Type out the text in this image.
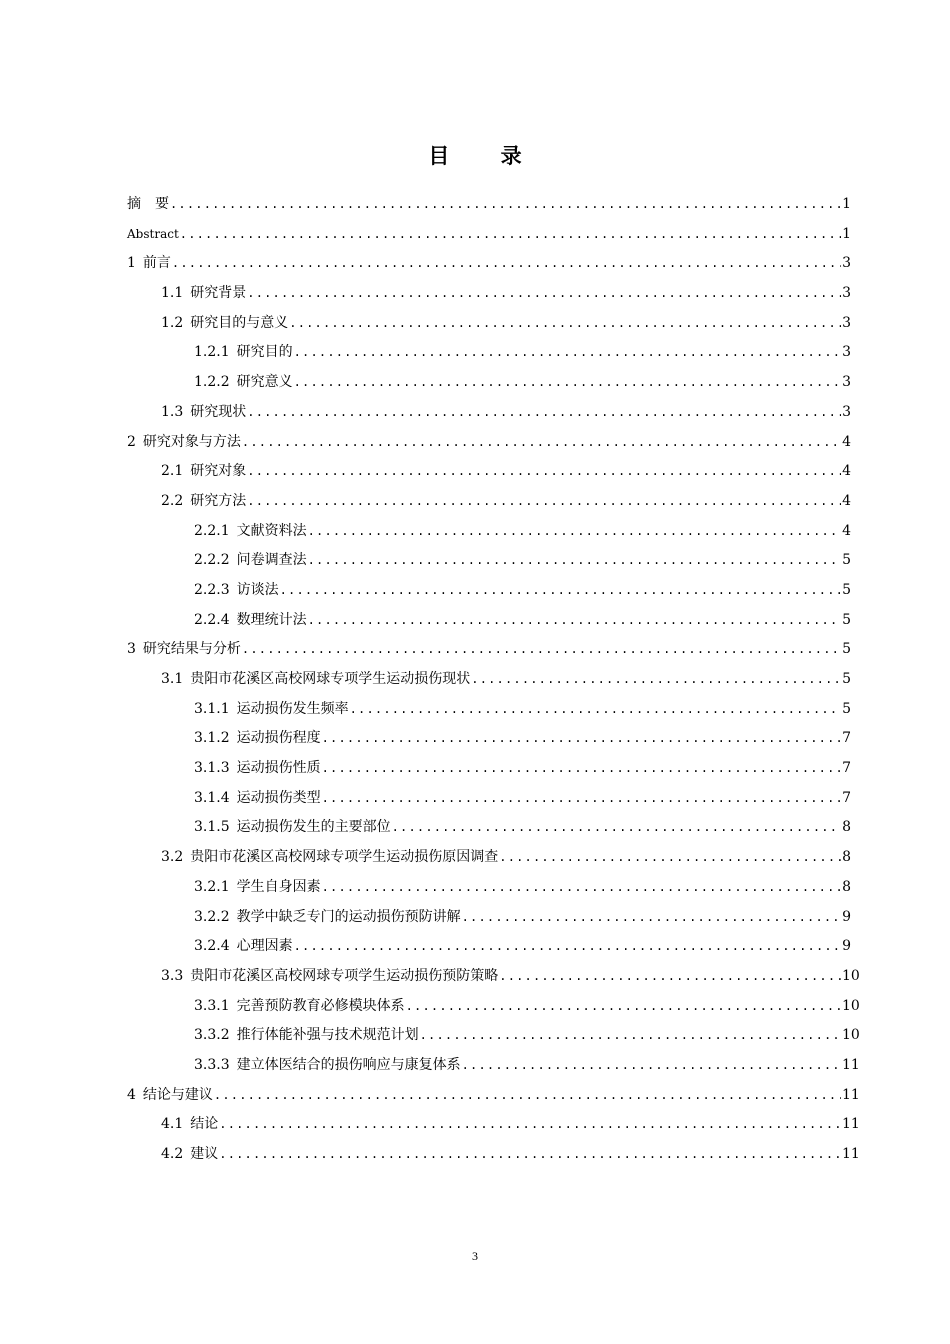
目 录
摘　要 .....	1
Abstract .....	1
1 前言 .....	3
1.1 研究背景 .....	3
1.2 研究目的与意义 .....	3
1.2.1 研究目的 .....	3
1.2.2 研究意义 .....	3
1.3 研究现状 .....	3
2 研究对象与方法 .....	4
2.1 研究对象 .....	4
2.2 研究方法 .....	4
2.2.1 文献资料法 .....	4
2.2.2 问卷调查法 .....	5
2.2.3 访谈法 .....	5
2.2.4 数理统计法 .....	5
3 研究结果与分析 .....	5
3.1 贵阳市花溪区高校网球专项学生运动损伤现状 .....	5
3.1.1 运动损伤发生频率 .....	5
3.1.2 运动损伤程度 .....	7
3.1.3 运动损伤性质 .....	7
3.1.4 运动损伤类型 .....	7
3.1.5 运动损伤发生的主要部位 .....	8
3.2 贵阳市花溪区高校网球专项学生运动损伤原因调查 .....	8
3.2.1 学生自身因素 .....	8
3.2.2 教学中缺乏专门的运动损伤预防讲解 .....	9
3.2.4 心理因素 .....	9
3.3 贵阳市花溪区高校网球专项学生运动损伤预防策略 .....	10
3.3.1 完善预防教育必修模块体系 .....	10
3.3.2 推行体能补强与技术规范计划 .....	10
3.3.3 建立体医结合的损伤响应与康复体系 .....	11
4 结论与建议 .....	11
4.1 结论 .....	11
4.2 建议 .....	11
3
